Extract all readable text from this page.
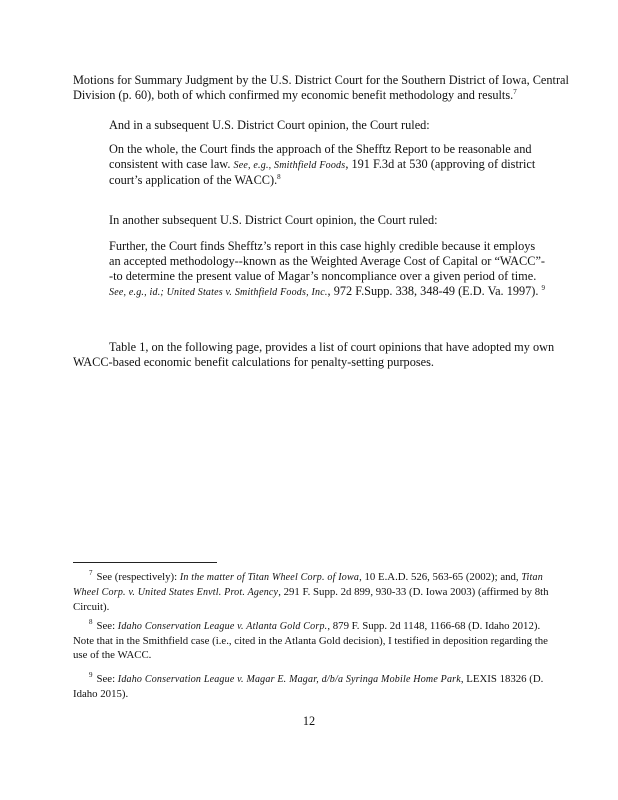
Motions for Summary Judgment by the U.S. District Court for the Southern District of Iowa, Central
Division (p. 60), both of which confirmed my economic benefit methodology and results.$^7$
And in a subsequent U.S. District Court opinion, the Court ruled:
On the whole, the Court finds the approach of the Shefftz Report to be reasonable and consistent with case law. See, e.g., Smithfield Foods, 191 F.3d at 530 (approving of district court’s application of the WACC).$^8$
In another subsequent U.S. District Court opinion, the Court ruled:
Further, the Court finds Shefftz’s report in this case highly credible because it employs an accepted methodology--known as the Weighted Average Cost of Capital or “WACC”--to determine the present value of Magar’s noncompliance over a given period of time. See, e.g., id.; United States v. Smithfield Foods, Inc., 972 F.Supp. 338, 348-49 (E.D. Va. 1997). $^9$
Table 1, on the following page, provides a list of court opinions that have adopted my own
WACC-based economic benefit calculations for penalty-setting purposes.
$^7$ See (respectively): In the matter of Titan Wheel Corp. of Iowa, 10 E.A.D. 526, 563-65 (2002); and, Titan Wheel Corp. v. United States Envtl. Prot. Agency, 291 F. Supp. 2d 899, 930-33 (D. Iowa 2003) (affirmed by 8th Circuit).
$^8$ See: Idaho Conservation League v. Atlanta Gold Corp., 879 F. Supp. 2d 1148, 1166-68 (D. Idaho 2012). Note that in the Smithfield case (i.e., cited in the Atlanta Gold decision), I testified in deposition regarding the use of the WACC.
$^9$ See: Idaho Conservation League v. Magar E. Magar, d/b/a Syringa Mobile Home Park, LEXIS 18326 (D. Idaho 2015).
12
